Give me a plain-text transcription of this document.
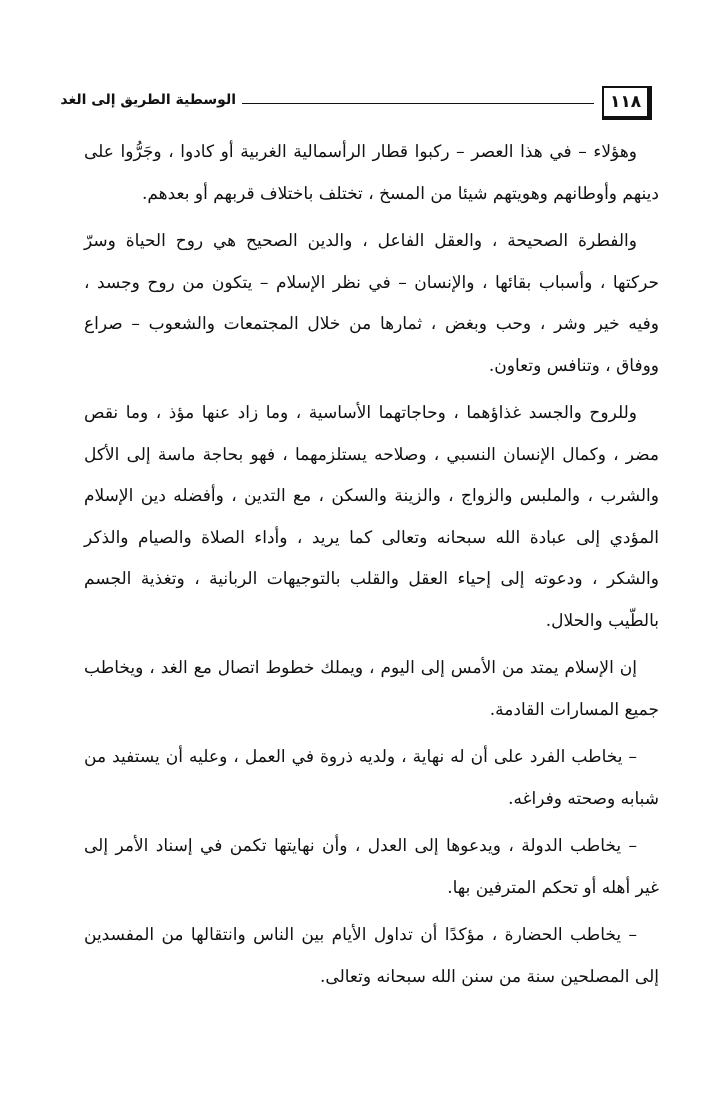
١١٨
الوسطية الطريق إلى الغد

وهؤلاء – في هذا العصر – ركبوا قطار الرأسمالية الغربية أو كادوا ، وجَرُّوا على دينهم وأوطانهم وهويتهم شيئا من المسخ ، تختلف باختلاف قربهم أو بعدهم.

والفطرة الصحيحة ، والعقل الفاعل ، والدين الصحيح هي روح الحياة وسرّ حركتها ، وأسباب بقائها ، والإنسان – في نظر الإسلام – يتكون من روح وجسد ، وفيه خير وشر ، وحب وبغض ، ثمارها من خلال المجتمعات والشعوب – صراع ووفاق ، وتنافس وتعاون.

وللروح والجسد غذاؤهما ، وحاجاتهما الأساسية ، وما زاد عنها مؤذ ، وما نقص مضر ، وكمال الإنسان النسبي ، وصلاحه يستلزمهما ، فهو بحاجة ماسة إلى الأكل والشرب ، والملبس والزواج ، والزينة والسكن ، مع التدين ، وأفضله دين الإسلام المؤدي إلى عبادة الله سبحانه وتعالى كما يريد ، وأداء الصلاة والصيام والذكر والشكر ، ودعوته إلى إحياء العقل والقلب بالتوجيهات الربانية ، وتغذية الجسم بالطّيب والحلال.

إن الإسلام يمتد من الأمس إلى اليوم ، ويملك خطوط اتصال مع الغد ، ويخاطب جميع المسارات القادمة.

– يخاطب الفرد على أن له نهاية ، ولديه ذروة في العمل ، وعليه أن يستفيد من شبابه وصحته وفراغه.

– يخاطب الدولة ، ويدعوها إلى العدل ، وأن نهايتها تكمن في إسناد الأمر إلى غير أهله أو تحكم المترفين بها.

– يخاطب الحضارة ، مؤكدًا أن تداول الأيام بين الناس وانتقالها من المفسدين إلى المصلحين سنة من سنن الله سبحانه وتعالى.
